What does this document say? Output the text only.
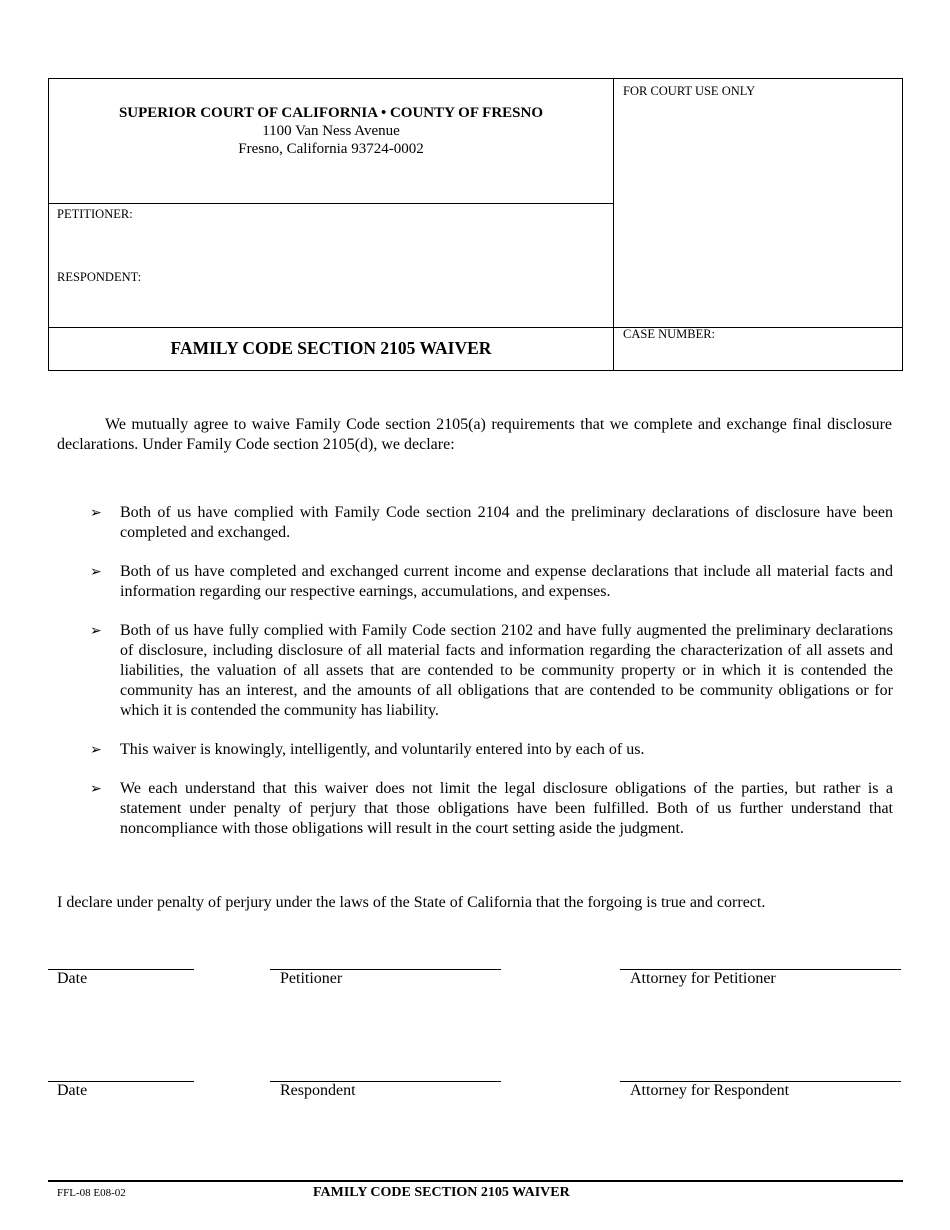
SUPERIOR COURT OF CALIFORNIA • COUNTY OF FRESNO
1100 Van Ness Avenue
Fresno, California 93724-0002
FOR COURT USE ONLY
PETITIONER:
RESPONDENT:
FAMILY CODE SECTION 2105 WAIVER
CASE NUMBER:
We mutually agree to waive Family Code section 2105(a) requirements that we complete and exchange final disclosure declarations. Under Family Code section 2105(d), we declare:
➢	Both of us have complied with Family Code section 2104 and the preliminary declarations of disclosure have been completed and exchanged.
➢	Both of us have completed and exchanged current income and expense declarations that include all material facts and information regarding our respective earnings, accumulations, and expenses.
➢	Both of us have fully complied with Family Code section 2102 and have fully augmented the preliminary declarations of disclosure, including disclosure of all material facts and information regarding the characterization of all assets and liabilities, the valuation of all assets that are contended to be community property or in which it is contended the community has an interest, and the amounts of all obligations that are contended to be community obligations or for which it is contended the community has liability.
➢	This waiver is knowingly, intelligently, and voluntarily entered into by each of us.
➢	We each understand that this waiver does not limit the legal disclosure obligations of the parties, but rather is a statement under penalty of perjury that those obligations have been fulfilled. Both of us further understand that noncompliance with those obligations will result in the court setting aside the judgment.
I declare under penalty of perjury under the laws of the State of California that the forgoing is true and correct.
Date	Petitioner	Attorney for Petitioner
Date	Respondent	Attorney for Respondent
FFL-08 E08-02	FAMILY CODE SECTION 2105 WAIVER
